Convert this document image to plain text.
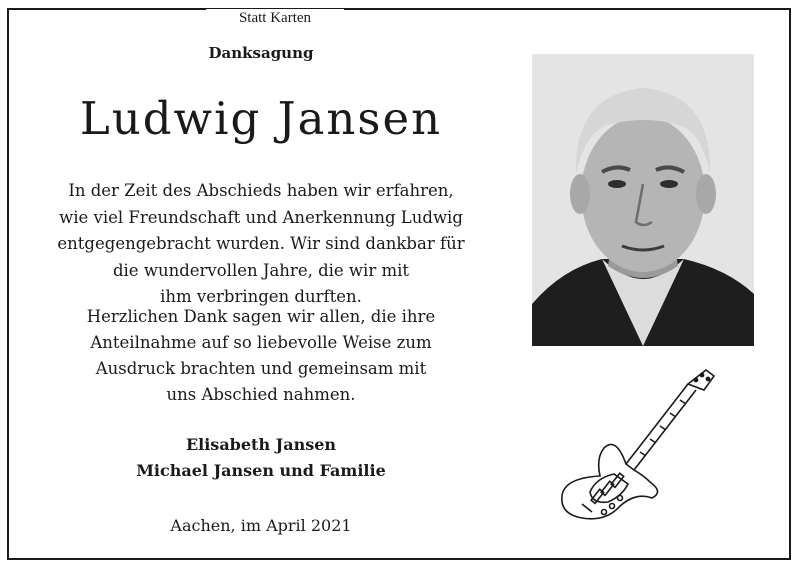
Statt Karten
Danksagung
Ludwig Jansen

In der Zeit des Abschieds haben wir erfahren,

wie viel Freundschaft und Anerkennung Ludwig

entgegengebracht wurden. Wir sind dankbar für

die wundervollen Jahre, die wir mit

ihm verbringen durften.

Herzlichen Dank sagen wir allen, die ihre

Anteilnahme auf so liebevolle Weise zum

Ausdruck brachten und gemeinsam mit

uns Abschied nahmen.

Elisabeth Jansen
Michael Jansen und Familie
Aachen, im April 2021
